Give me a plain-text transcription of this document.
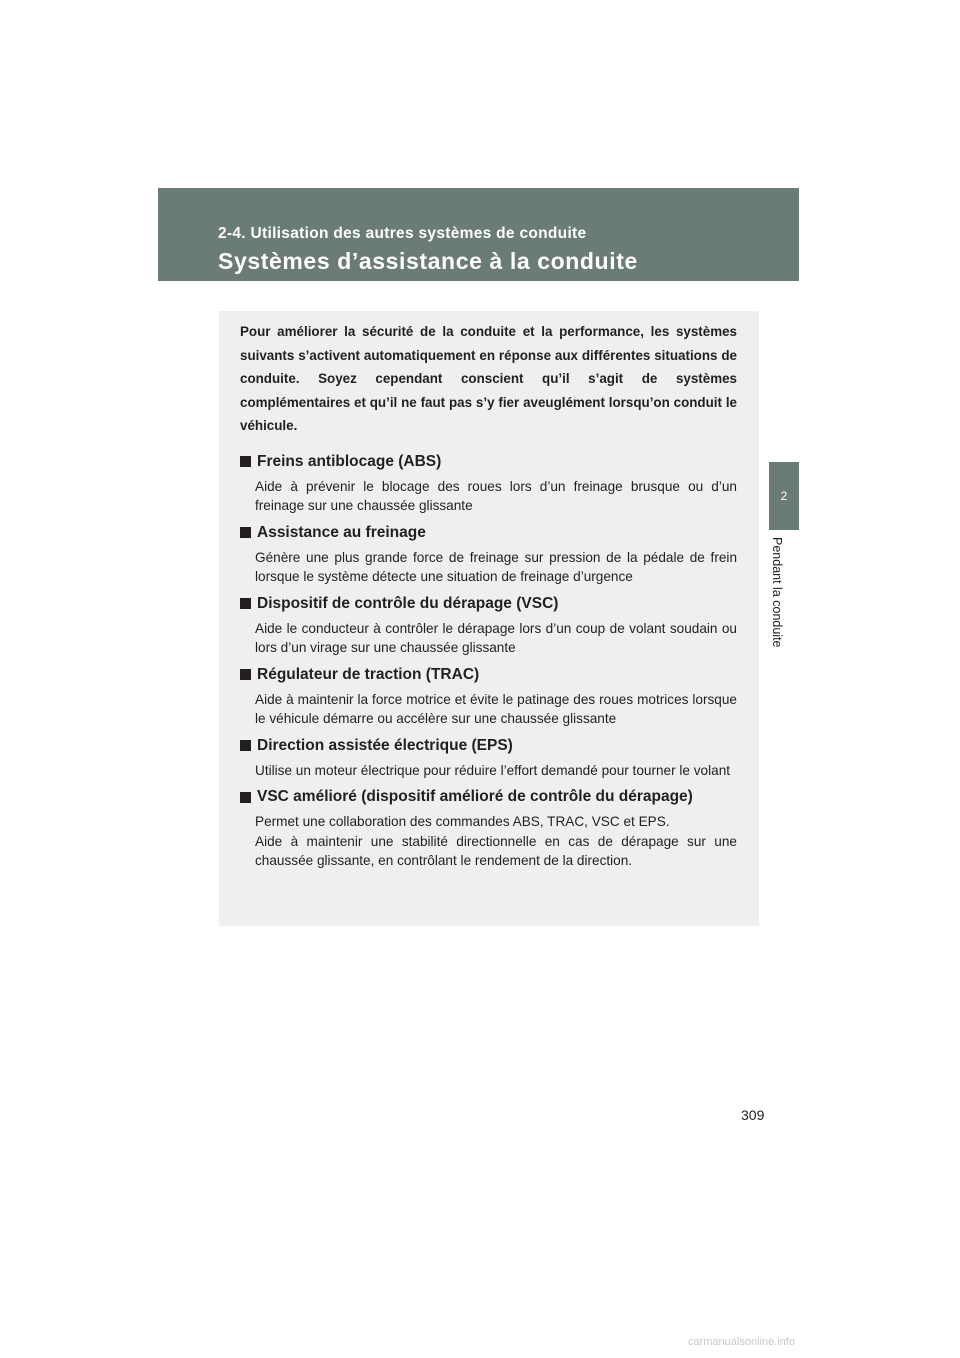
2-4. Utilisation des autres systèmes de conduite
Systèmes d’assistance à la conduite
2
Pendant la conduite

Pour améliorer la sécurité de la conduite et la performance, les systèmes suivants s’activent automatiquement en réponse aux différentes situations de conduite. Soyez cependant conscient qu’il s’agit de systèmes complémentaires et qu’il ne faut pas s’y fier aveuglément lorsqu’on conduit le véhicule.

Freins antiblocage (ABS)

Aide à prévenir le blocage des roues lors d’un freinage brusque ou d’un freinage sur une chaussée glissante

Assistance au freinage

Génère une plus grande force de freinage sur pression de la pédale de frein lorsque le système détecte une situation de freinage d’urgence

Dispositif de contrôle du dérapage (VSC)

Aide le conducteur à contrôler le dérapage lors d’un coup de volant soudain ou lors d’un virage sur une chaussée glissante

Régulateur de traction (TRAC)

Aide à maintenir la force motrice et évite le patinage des roues motrices lorsque le véhicule démarre ou accélère sur une chaussée glissante

Direction assistée électrique (EPS)

Utilise un moteur électrique pour réduire l’effort demandé pour tourner le volant

VSC amélioré (dispositif amélioré de contrôle du dérapage)

Permet une collaboration des commandes ABS, TRAC, VSC et EPS.
Aide à maintenir une stabilité directionnelle en cas de dérapage sur une chaussée glissante, en contrôlant le rendement de la direction.

309
carmanualsonline.info
